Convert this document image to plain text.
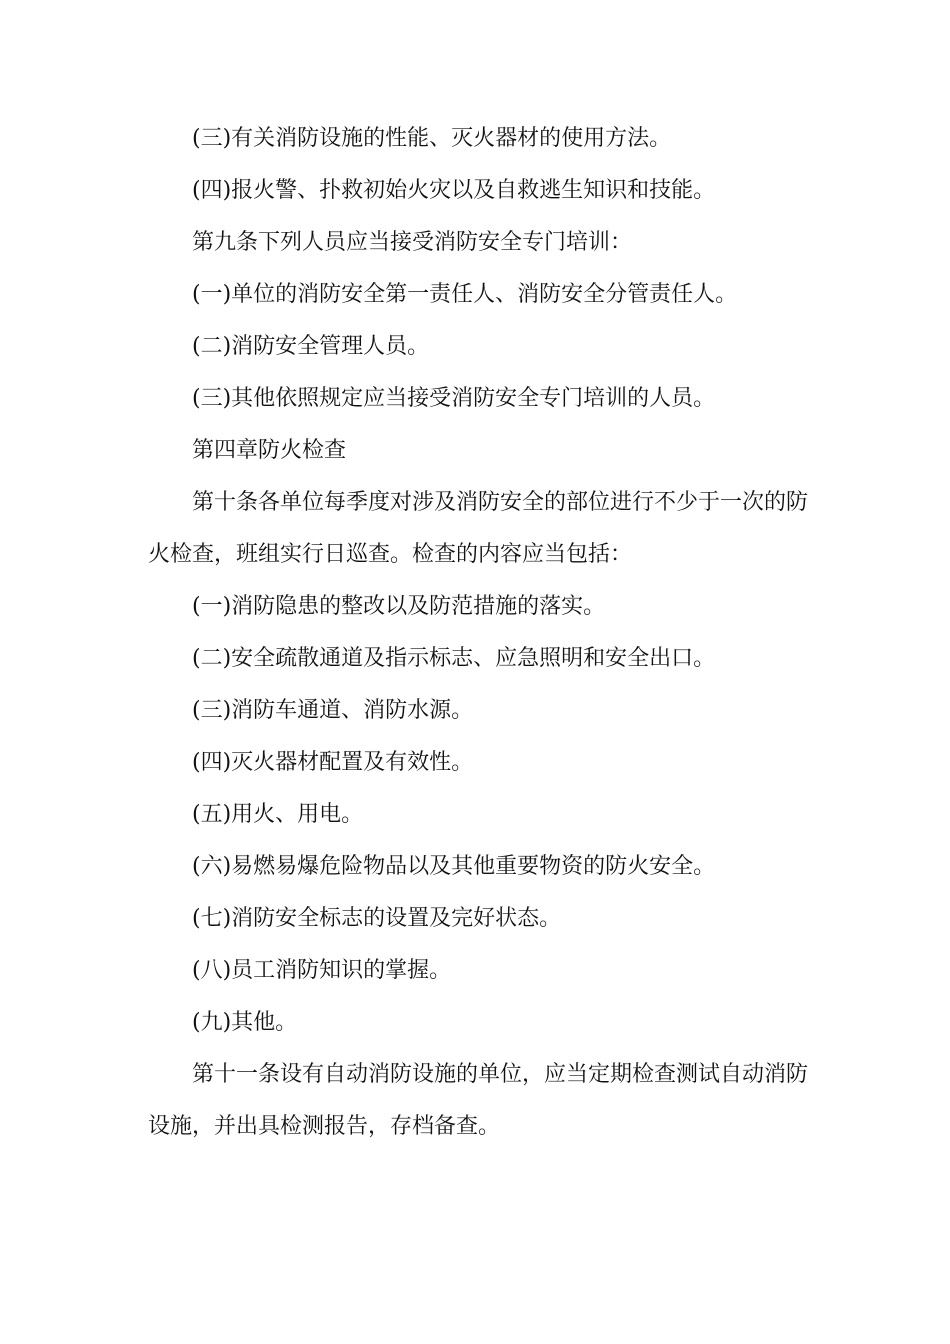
(三)有关消防设施的性能、灭火器材的使用方法。

(四)报火警、扑救初始火灾以及自救逃生知识和技能。

第九条下列人员应当接受消防安全专门培训：

(一)单位的消防安全第一责任人、消防安全分管责任人。

(二)消防安全管理人员。

(三)其他依照规定应当接受消防安全专门培训的人员。

第四章防火检查

第十条各单位每季度对涉及消防安全的部位进行不少于一次的防火检查，班组实行日巡查。检查的内容应当包括：

(一)消防隐患的整改以及防范措施的落实。

(二)安全疏散通道及指示标志、应急照明和安全出口。

(三)消防车通道、消防水源。

(四)灭火器材配置及有效性。

(五)用火、用电。

(六)易燃易爆危险物品以及其他重要物资的防火安全。

(七)消防安全标志的设置及完好状态。

(八)员工消防知识的掌握。

(九)其他。

第十一条设有自动消防设施的单位，应当定期检查测试自动消防设施，并出具检测报告，存档备查。
